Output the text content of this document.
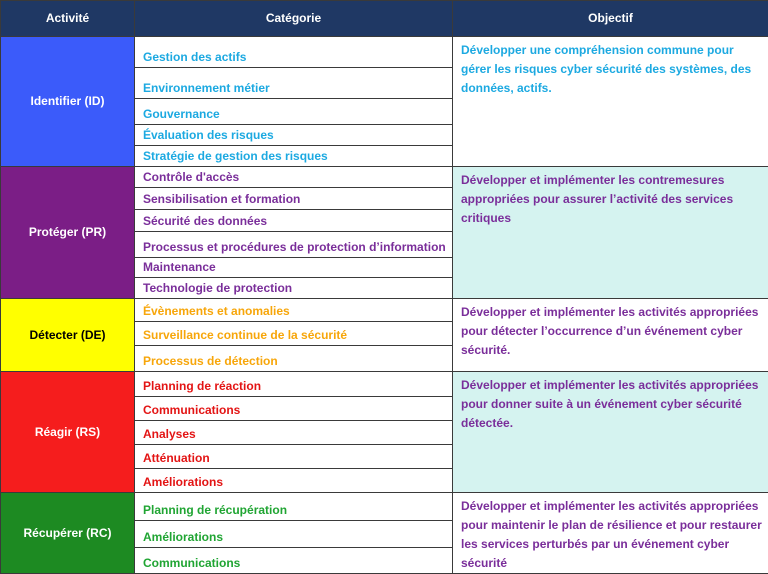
Activité	Catégorie	Objectif
Identifier (ID)	Gestion des actifs	Développer une compréhension commune pour gérer les risques cyber sécurité des systèmes, des données, actifs.
	Environnement métier	
	Gouvernance	
	Évaluation des risques	
	Stratégie de gestion des risques	
Protéger (PR)	Contrôle d'accès	Développer et implémenter les contremesures appropriées pour assurer l’activité des services critiques
	Sensibilisation et formation	
	Sécurité des données	
	Processus et procédures de protection d’information	
	Maintenance	
	Technologie de protection	
Détecter (DE)	Évènements et anomalies	Développer et implémenter les activités appropriées pour détecter l’occurrence d’un événement cyber sécurité.
	Surveillance continue de la sécurité	
	Processus de détection	
Réagir (RS)	Planning de réaction	Développer et implémenter les activités appropriées pour donner suite à un événement cyber sécurité détectée.
	Communications	
	Analyses	
	Atténuation	
	Améliorations	
Récupérer (RC)	Planning de récupération	Développer et implémenter les activités appropriées pour maintenir le plan de résilience et pour restaurer les services perturbés par un événement cyber sécurité
	Améliorations	
	Communications	
